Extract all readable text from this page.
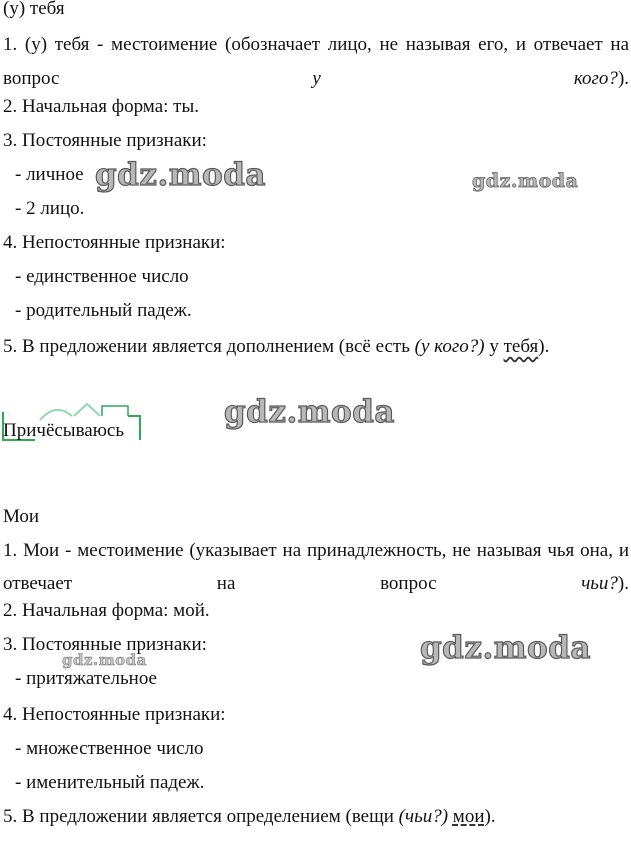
(у) тебя
1. (у) тебя - местоимение (обозначает лицо, не называя его, и отвечает на вопрос у кого?).
2. Начальная форма: ты.
3. Постоянные признаки:
- личное
- 2 лицо.
4. Непостоянные признаки:
- единственное число
- родительный падеж.
5. В предложении является дополнением (всё есть (у кого?) у тебя).
Причёсываюсь
Мои
1. Мои - местоимение (указывает на принадлежность, не называя чья она, и отвечает на вопрос чьи?).
2. Начальная форма: мой.
3. Постоянные признаки:
- притяжательное
4. Непостоянные признаки:
- множественное число
- именительный падеж.
5. В предложении является определением (вещи (чьи?) мои).
gdz.moda	gdz.moda
gdz.moda
gdz.moda
gdz.moda
